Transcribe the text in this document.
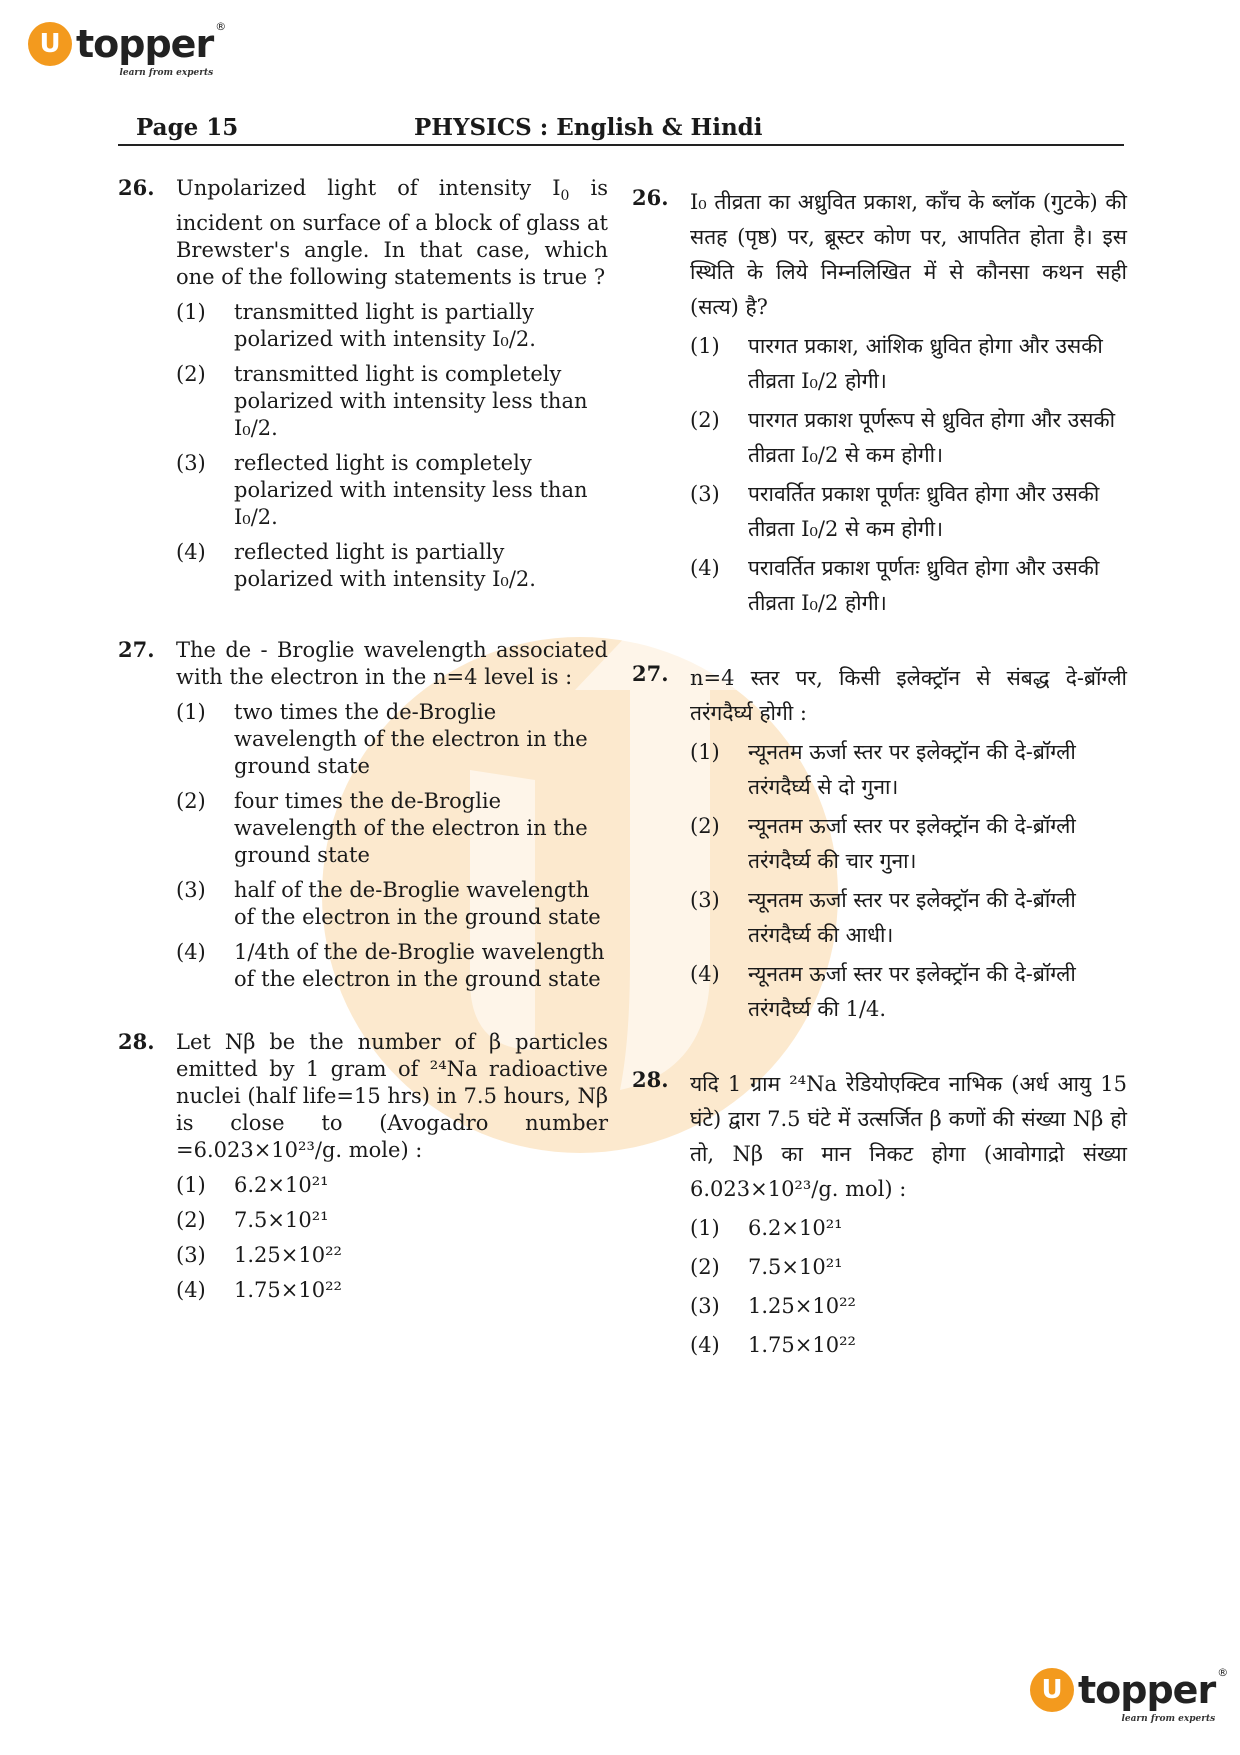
U topper ®
learn from experts
Page 15	PHYSICS : English & Hindi
26. Unpolarized light of intensity $I_0$ is incident on surface of a block of glass at Brewster's angle. In that case, which one of the following statements is true ?
(1) transmitted light is partially polarized with intensity I₀/2.
(2) transmitted light is completely polarized with intensity less than I₀/2.
(3) reflected light is completely polarized with intensity less than I₀/2.
(4) reflected light is partially polarized with intensity I₀/2.
27. The de - Broglie wavelength associated with the electron in the n=4 level is :
(1) two times the de-Broglie wavelength of the electron in the ground state
(2) four times the de-Broglie wavelength of the electron in the ground state
(3) half of the de-Broglie wavelength of the electron in the ground state
(4) 1/4th of the de-Broglie wavelength of the electron in the ground state
28. Let Nβ be the number of β particles emitted by 1 gram of ²⁴Na radioactive nuclei (half life=15 hrs) in 7.5 hours, Nβ is close to (Avogadro number =6.023×10²³/g. mole) :
(1) 6.2×10²¹
(2) 7.5×10²¹
(3) 1.25×10²²
(4) 1.75×10²²
26. I₀ तीव्रता का अध्रुवित प्रकाश, काँच के ब्लॉक (गुटके) की सतह (पृष्ठ) पर, ब्रूस्टर कोण पर, आपतित होता है। इस स्थिति के लिये निम्नलिखित में से कौनसा कथन सही (सत्य) है?
(1) पारगत प्रकाश, आंशिक ध्रुवित होगा और उसकी तीव्रता I₀/2 होगी।
(2) पारगत प्रकाश पूर्णरूप से ध्रुवित होगा और उसकी तीव्रता I₀/2 से कम होगी।
(3) परावर्तित प्रकाश पूर्णतः ध्रुवित होगा और उसकी तीव्रता I₀/2 से कम होगी।
(4) परावर्तित प्रकाश पूर्णतः ध्रुवित होगा और उसकी तीव्रता I₀/2 होगी।
27. n=4 स्तर पर, किसी इलेक्ट्रॉन से संबद्ध दे-ब्रॉग्ली तरंगदैर्घ्य होगी :
(1) न्यूनतम ऊर्जा स्तर पर इलेक्ट्रॉन की दे-ब्रॉग्ली तरंगदैर्घ्य से दो गुना।
(2) न्यूनतम ऊर्जा स्तर पर इलेक्ट्रॉन की दे-ब्रॉग्ली तरंगदैर्घ्य की चार गुना।
(3) न्यूनतम ऊर्जा स्तर पर इलेक्ट्रॉन की दे-ब्रॉग्ली तरंगदैर्घ्य की आधी।
(4) न्यूनतम ऊर्जा स्तर पर इलेक्ट्रॉन की दे-ब्रॉग्ली तरंगदैर्घ्य की 1/4.
28. यदि 1 ग्राम ²⁴Na रेडियोएक्टिव नाभिक (अर्ध आयु 15 घंटे) द्वारा 7.5 घंटे में उत्सर्जित β कणों की संख्या Nβ हो तो, Nβ का मान निकट होगा (आवोगाद्रो संख्या 6.023×10²³/g. mol) :
(1) 6.2×10²¹
(2) 7.5×10²¹
(3) 1.25×10²²
(4) 1.75×10²²
U topper ®
learn from experts
